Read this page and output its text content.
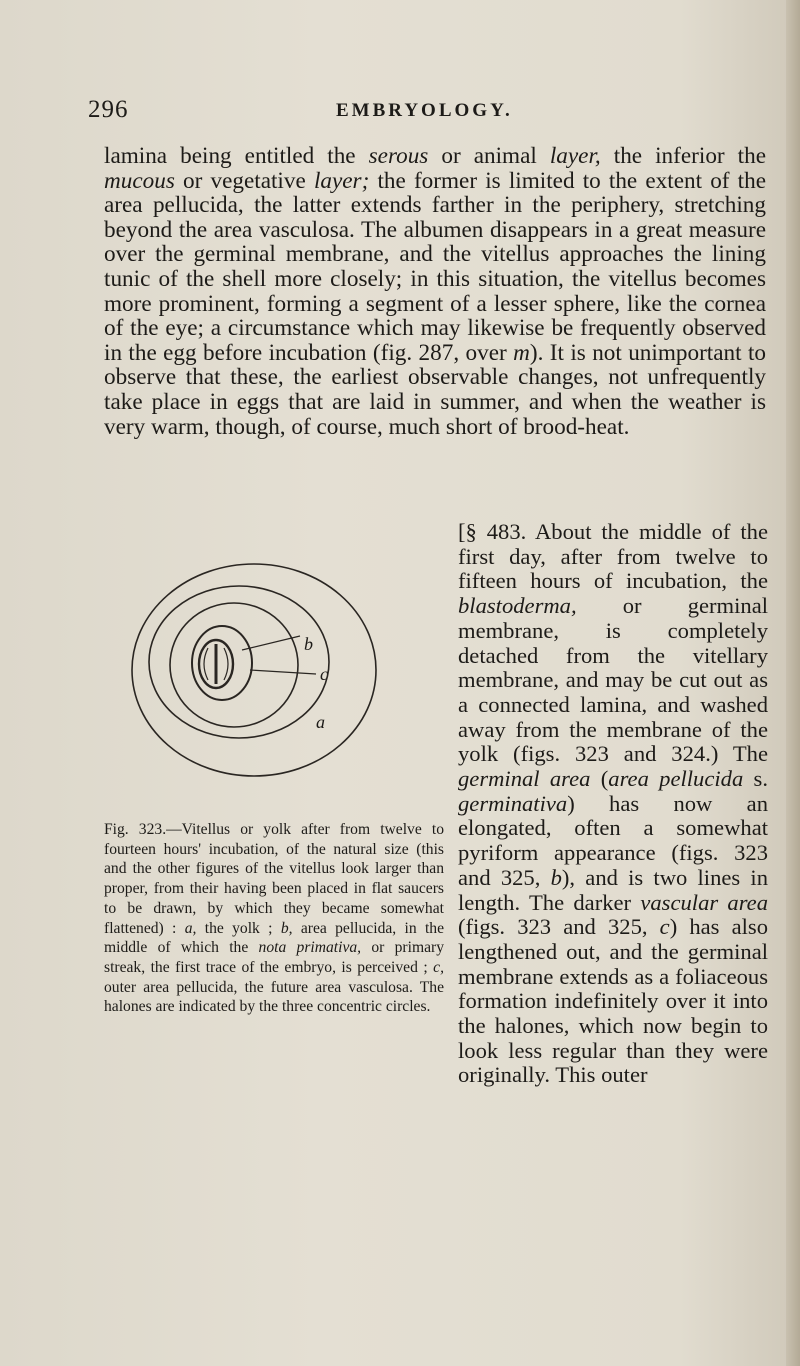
296	EMBRYOLOGY.
lamina being entitled the serous or animal layer, the inferior the mucous or vegetative layer; the former is limited to the extent of the area pellucida, the latter extends farther in the periphery, stretching beyond the area vasculosa. The albumen disappears in a great measure over the germinal membrane, and the vitellus approaches the lining tunic of the shell more closely; in this situation, the vitellus becomes more prominent, forming a segment of a lesser sphere, like the cornea of the eye; a circumstance which may likewise be frequently observed in the egg before incubation (fig. 287, over m). It is not unimportant to observe that these, the earliest observable changes, not unfrequently take place in eggs that are laid in summer, and when the weather is very warm, though, of course, much short of brood-heat.
b
c
a
Fig. 323.—Vitellus or yolk after from twelve to fourteen hours' incubation, of the natural size (this and the other figures of the vitellus look larger than proper, from their having been placed in flat saucers to be drawn, by which they became somewhat flattened) : a, the yolk ; b, area pellucida, in the middle of which the nota primativa, or primary streak, the first trace of the embryo, is perceived ; c, outer area pellucida, the future area vasculosa. The halones are indicated by the three concentric circles.
[§ 483. About the middle of the first day, after from twelve to fifteen hours of incubation, the blastoderma, or germinal membrane, is completely detached from the vitellary membrane, and may be cut out as a connected lamina, and washed away from the membrane of the yolk (figs. 323 and 324.) The germinal area (area pellucida s. germinativa) has now an elongated, often a somewhat pyriform appearance (figs. 323 and 325, b), and is two lines in length. The darker vascular area (figs. 323 and 325, c) has also lengthened out, and the germinal membrane extends as a foliaceous formation indefinitely over it into the halones, which now begin to look less regular than they were originally. This outer
